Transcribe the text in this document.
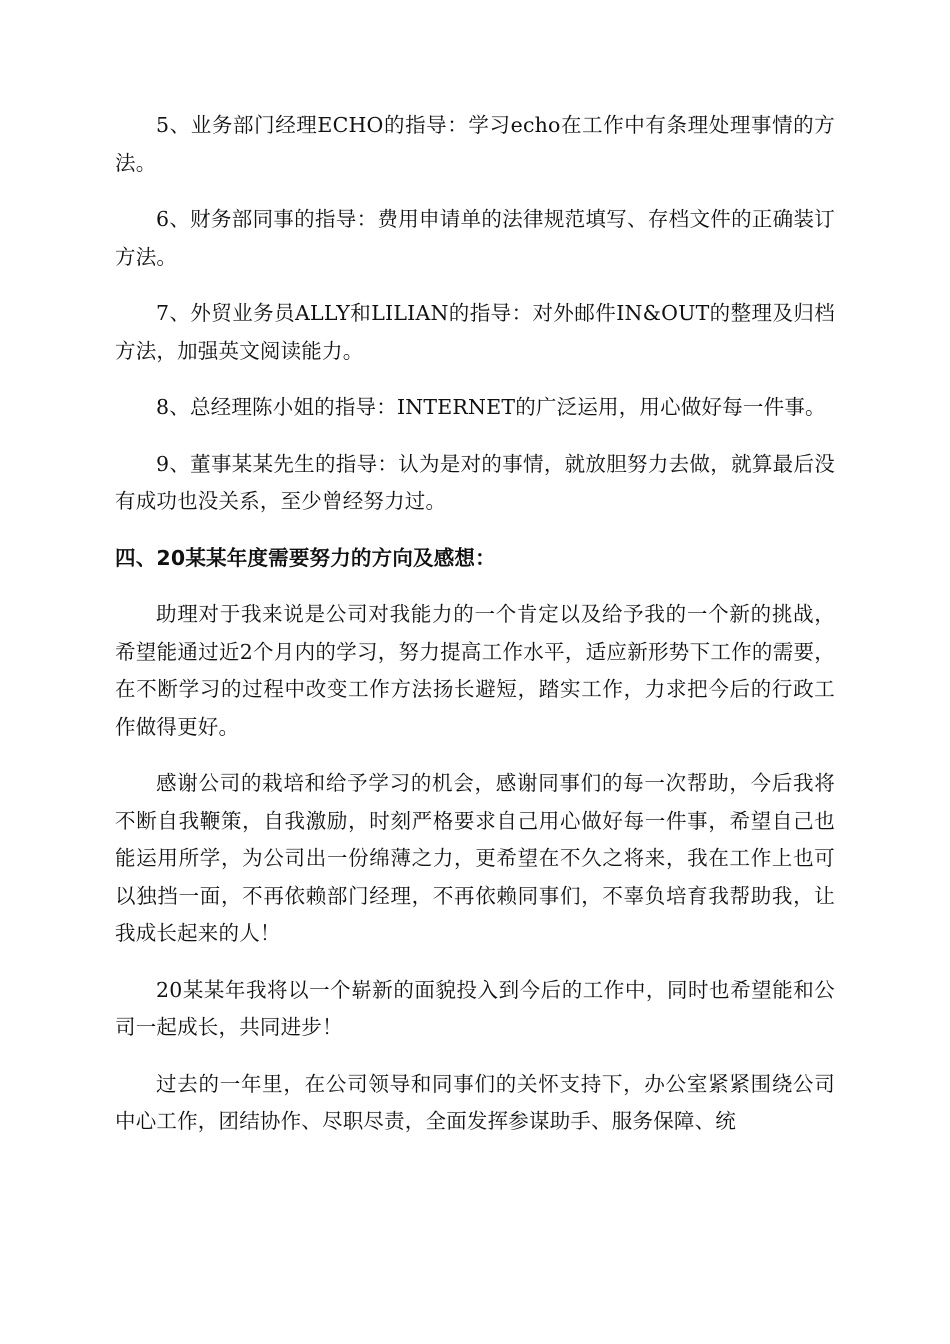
5、业务部门经理ECHO的指导：学习echo在工作中有条理处理事情的方法。

6、财务部同事的指导：费用申请单的法律规范填写、存档文件的正确装订方法。

7、外贸业务员ALLY和LILIAN的指导：对外邮件IN&OUT的整理及归档方法，加强英文阅读能力。

8、总经理陈小姐的指导：INTERNET的广泛运用，用心做好每一件事。

9、董事某某先生的指导：认为是对的事情，就放胆努力去做，就算最后没有成功也没关系，至少曾经努力过。

四、20某某年度需要努力的方向及感想：

助理对于我来说是公司对我能力的一个肯定以及给予我的一个新的挑战，希望能通过近2个月内的学习，努力提高工作水平，适应新形势下工作的需要，在不断学习的过程中改变工作方法扬长避短，踏实工作，力求把今后的行政工作做得更好。

感谢公司的栽培和给予学习的机会，感谢同事们的每一次帮助，今后我将不断自我鞭策，自我激励，时刻严格要求自己用心做好每一件事，希望自己也能运用所学，为公司出一份绵薄之力，更希望在不久之将来，我在工作上也可以独挡一面，不再依赖部门经理，不再依赖同事们，不辜负培育我帮助我，让我成长起来的人！

20某某年我将以一个崭新的面貌投入到今后的工作中，同时也希望能和公司一起成长，共同进步！

过去的一年里，在公司领导和同事们的关怀支持下，办公室紧紧围绕公司中心工作，团结协作、尽职尽责，全面发挥参谋助手、服务保障、统
